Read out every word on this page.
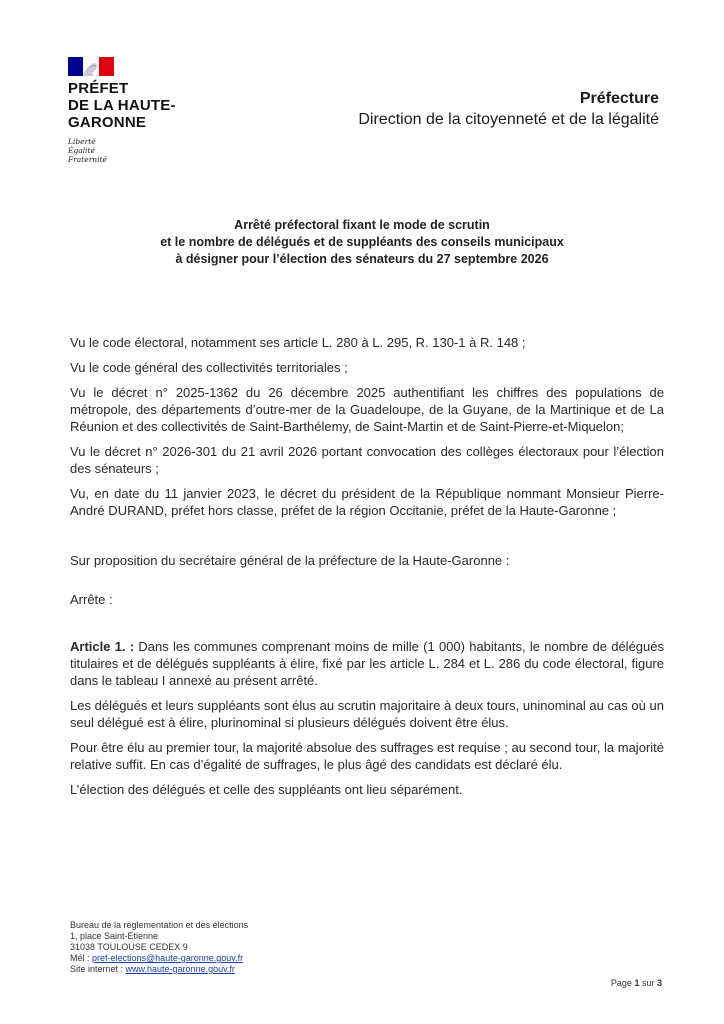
PRÉFET
DE LA HAUTE-
GARONNE
Liberté
Égalité
Fraternité
Préfecture
Direction de la citoyenneté et de la légalité
Arrêté préfectoral fixant le mode de scrutin
et le nombre de délégués et de suppléants des conseils municipaux
à désigner pour l’élection des sénateurs du 27 septembre 2026

Vu le code électoral, notamment ses article L. 280 à L. 295, R. 130-1 à R. 148 ;

Vu le code général des collectivités territoriales ;

Vu le décret n° 2025-1362 du 26 décembre 2025 authentifiant les chiffres des populations de métropole, des départements d’outre-mer de la Guadeloupe, de la Guyane, de la Martinique et de La Réunion et des collectivités de Saint-Barthélemy, de Saint-Martin et de Saint-Pierre-et-Miquelon;

Vu le décret n° 2026-301 du 21 avril 2026 portant convocation des collèges électoraux pour l’élection des sénateurs ;

Vu, en date du 11 janvier 2023, le décret du président de la République nommant Monsieur Pierre-André DURAND, préfet hors classe, préfet de la région Occitanie, préfet de la Haute-Garonne ;

Sur proposition du secrétaire général de la préfecture de la Haute-Garonne :

Arrête :

Article 1. : Dans les communes comprenant moins de mille (1 000) habitants, le nombre de délégués titulaires et de délégués suppléants à élire, fixé par les article L. 284 et L. 286 du code électoral, figure dans le tableau I annexé au présent arrêté.

Les délégués et leurs suppléants sont élus au scrutin majoritaire à deux tours, uninominal au cas où un seul délégué est à élire, plurinominal si plusieurs délégués doivent être élus.

Pour être élu au premier tour, la majorité absolue des suffrages est requise ; au second tour, la majorité relative suffit. En cas d’égalité de suffrages, le plus âgé des candidats est déclaré élu.

L’élection des délégués et celle des suppléants ont lieu séparément.

Bureau de la réglementation et des élections
1, place Saint-Etienne
31038 TOULOUSE CEDEX 9
Mél : pref-elections@haute-garonne.gouv.fr
Site internet : www.haute-garonne.gouv.fr
Page 1 sur 3
